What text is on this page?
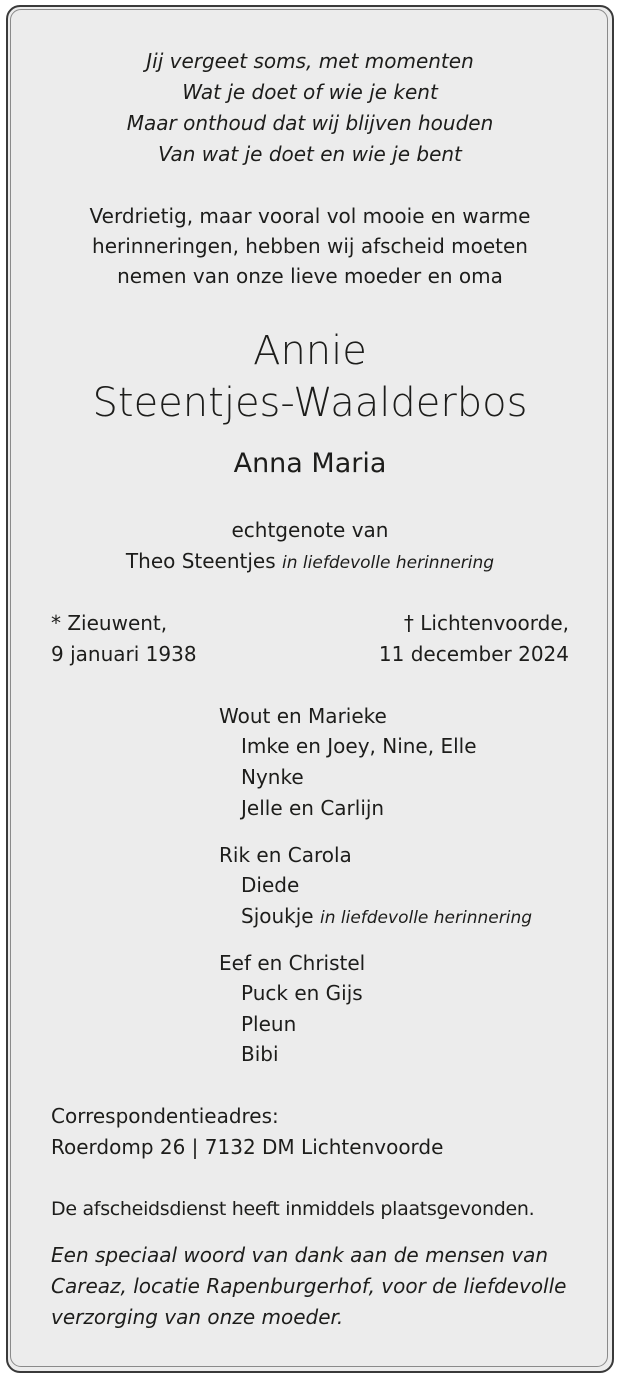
Jij vergeet soms, met momenten
Wat je doet of wie je kent
Maar onthoud dat wij blijven houden
Van wat je doet en wie je bent
Verdrietig, maar vooral vol mooie en warme
herinneringen, hebben wij afscheid moeten
nemen van onze lieve moeder en oma
Annie
Steentjes-Waalderbos
Anna Maria
echtgenote van
Theo Steentjes in liefdevolle herinnering
* Zieuwent,
9 januari 1938
† Lichtenvoorde,
11 december 2024
Wout en Marieke
Imke en Joey, Nine, Elle
Nynke
Jelle en Carlijn
Rik en Carola
Diede
Sjoukje in liefdevolle herinnering
Eef en Christel
Puck en Gijs
Pleun
Bibi
Correspondentieadres:
Roerdomp 26 | 7132 DM Lichtenvoorde
De afscheidsdienst heeft inmiddels plaatsgevonden.
Een speciaal woord van dank aan de mensen van
Careaz, locatie Rapenburgerhof, voor de liefdevolle
verzorging van onze moeder.
